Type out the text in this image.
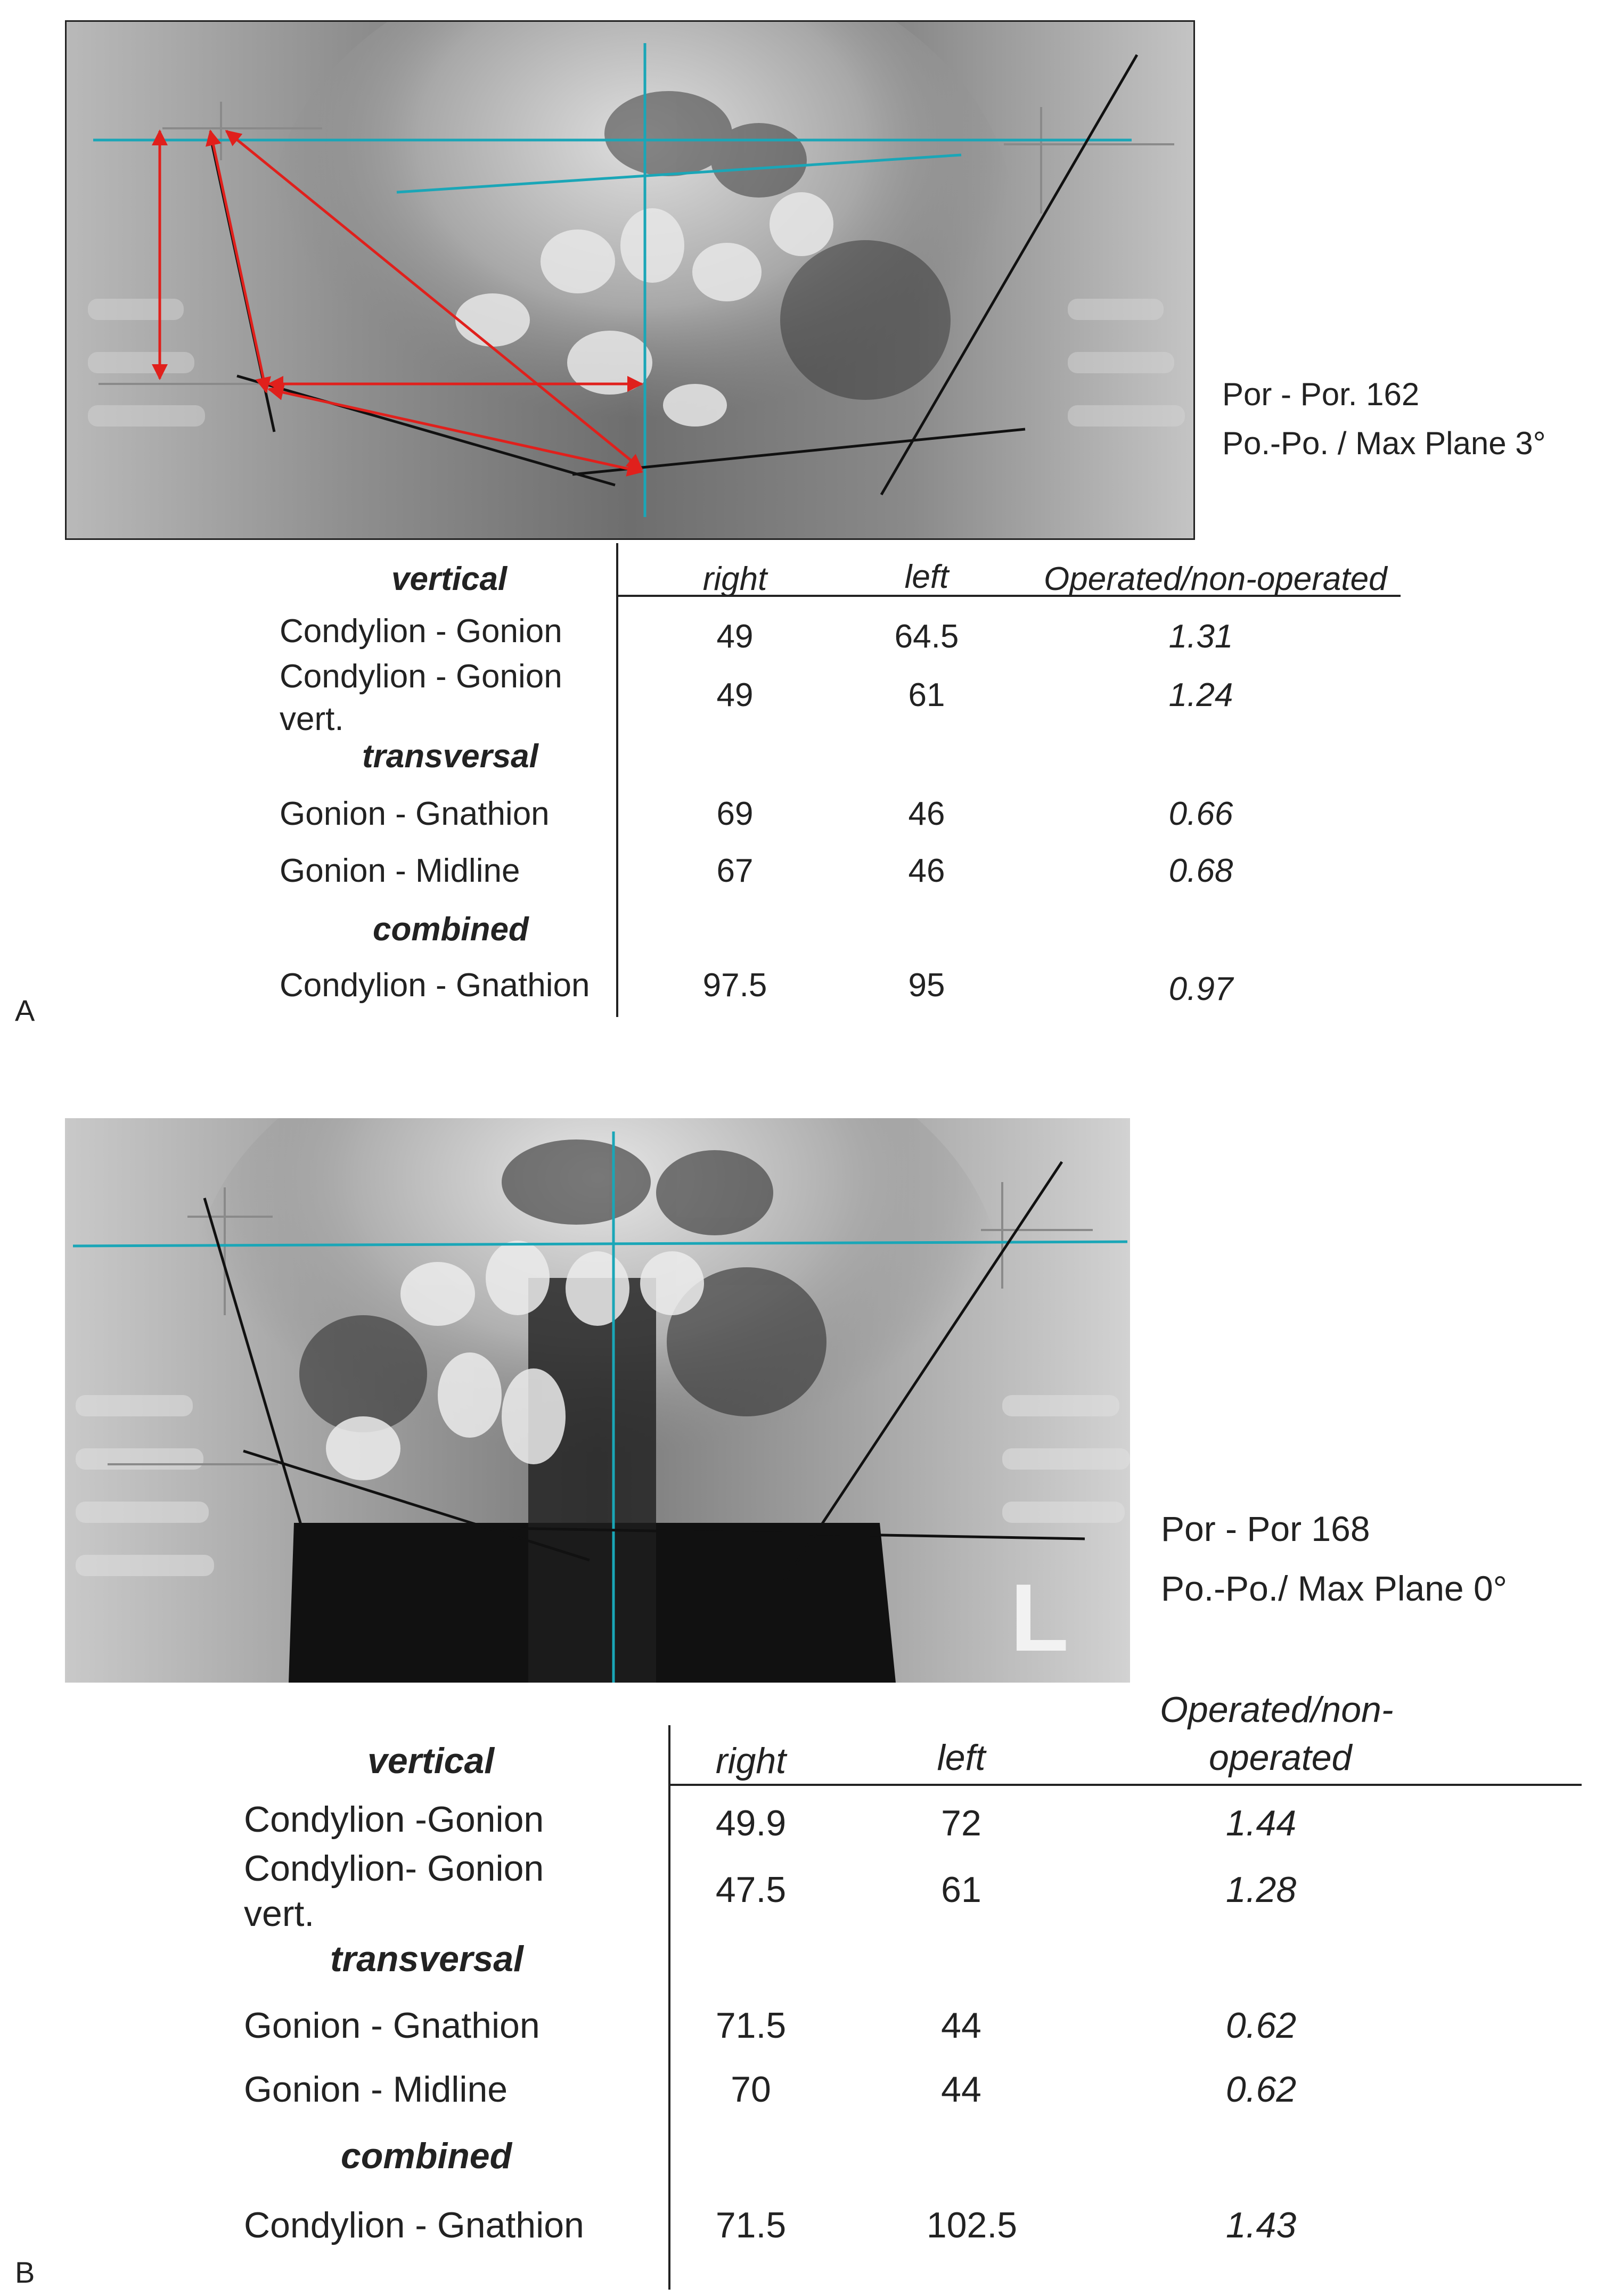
Por - Por. 162
Po.-Po. / Max Plane 3°
vertical	right	left	Operated/non-operated
Condylion - Gonion	49	64.5	1.31
Condylion - Gonion
vert.
49	61	1.24
transversal
Gonion - Gnathion	69	46	0.66
Gonion - Midline	67	46	0.68
combined
Condylion - Gnathion	97.5	95	0.97
A
L
Por - Por 168
Po.-Po./ Max Plane 0°
vertical	right	left
Operated/non-
operated
Condylion -Gonion	49.9	72	1.44
Condylion- Gonion
vert.
47.5	61	1.28
transversal
Gonion - Gnathion	71.5	44	0.62
Gonion - Midline	70	44	0.62
combined
Condylion - Gnathion	71.5	102.5	1.43
B
